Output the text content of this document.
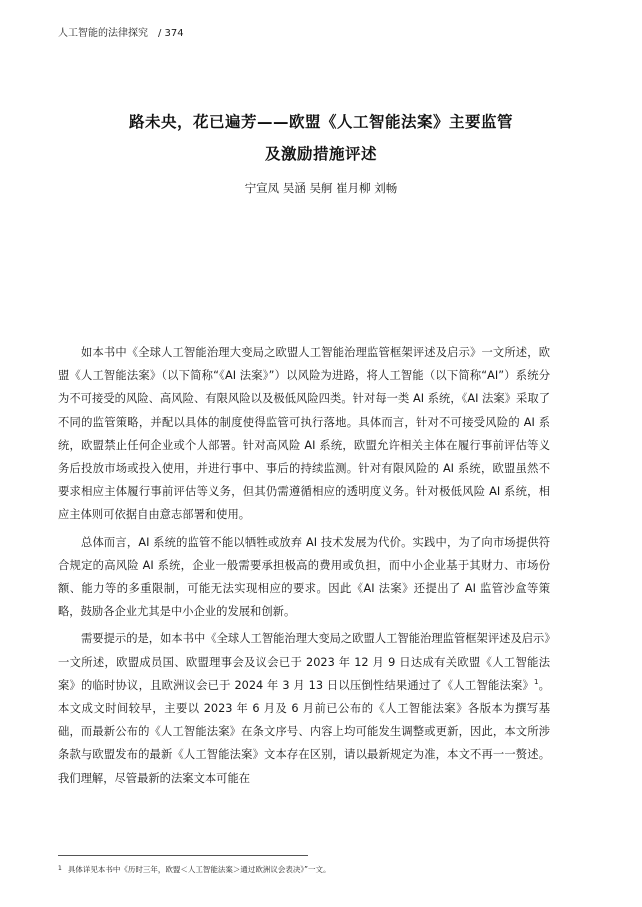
人工智能的法律探究 / 374
路未央，花已遍芳——欧盟《人工智能法案》主要监管
及激励措施评述
宁宣凤 吴涵 吴舸 崔月柳 刘畅

如本书中《全球人工智能治理大变局之欧盟人工智能治理监管框架评述及启示》一文所述，欧盟《人工智能法案》（以下简称“《AI 法案》”）以风险为进路，将人工智能（以下简称“AI”）系统分为不可接受的风险、高风险、有限风险以及极低风险四类。针对每一类 AI 系统，《AI 法案》采取了不同的监管策略，并配以具体的制度使得监管可执行落地。具体而言，针对不可接受风险的 AI 系统，欧盟禁止任何企业或个人部署。针对高风险 AI 系统，欧盟允许相关主体在履行事前评估等义务后投放市场或投入使用，并进行事中、事后的持续监测。针对有限风险的 AI 系统，欧盟虽然不要求相应主体履行事前评估等义务，但其仍需遵循相应的透明度义务。针对极低风险 AI 系统，相应主体则可依据自由意志部署和使用。

总体而言，AI 系统的监管不能以牺牲或放弃 AI 技术发展为代价。实践中，为了向市场提供符合规定的高风险 AI 系统，企业一般需要承担极高的费用或负担，而中小企业基于其财力、市场份额、能力等的多重限制，可能无法实现相应的要求。因此《AI 法案》还提出了 AI 监管沙盒等策略，鼓励各企业尤其是中小企业的发展和创新。

需要提示的是，如本书中《全球人工智能治理大变局之欧盟人工智能治理监管框架评述及启示》一文所述，欧盟成员国、欧盟理事会及议会已于 2023 年 12 月 9 日达成有关欧盟《人工智能法案》的临时协议，且欧洲议会已于 2024 年 3 月 13 日以压倒性结果通过了《人工智能法案》$^1$。本文成文时间较早，主要以 2023 年 6 月及 6 月前已公布的《人工智能法案》各版本为撰写基础，而最新公布的《人工智能法案》在条文序号、内容上均可能发生调整或更新，因此，本文所涉条款与欧盟发布的最新《人工智能法案》文本存在区别，请以最新规定为准，本文不再一一赘述。我们理解，尽管最新的法案文本可能在

$^1$ 具体详见本书中《历时三年，欧盟＜人工智能法案＞通过欧洲议会表决》”一文。
